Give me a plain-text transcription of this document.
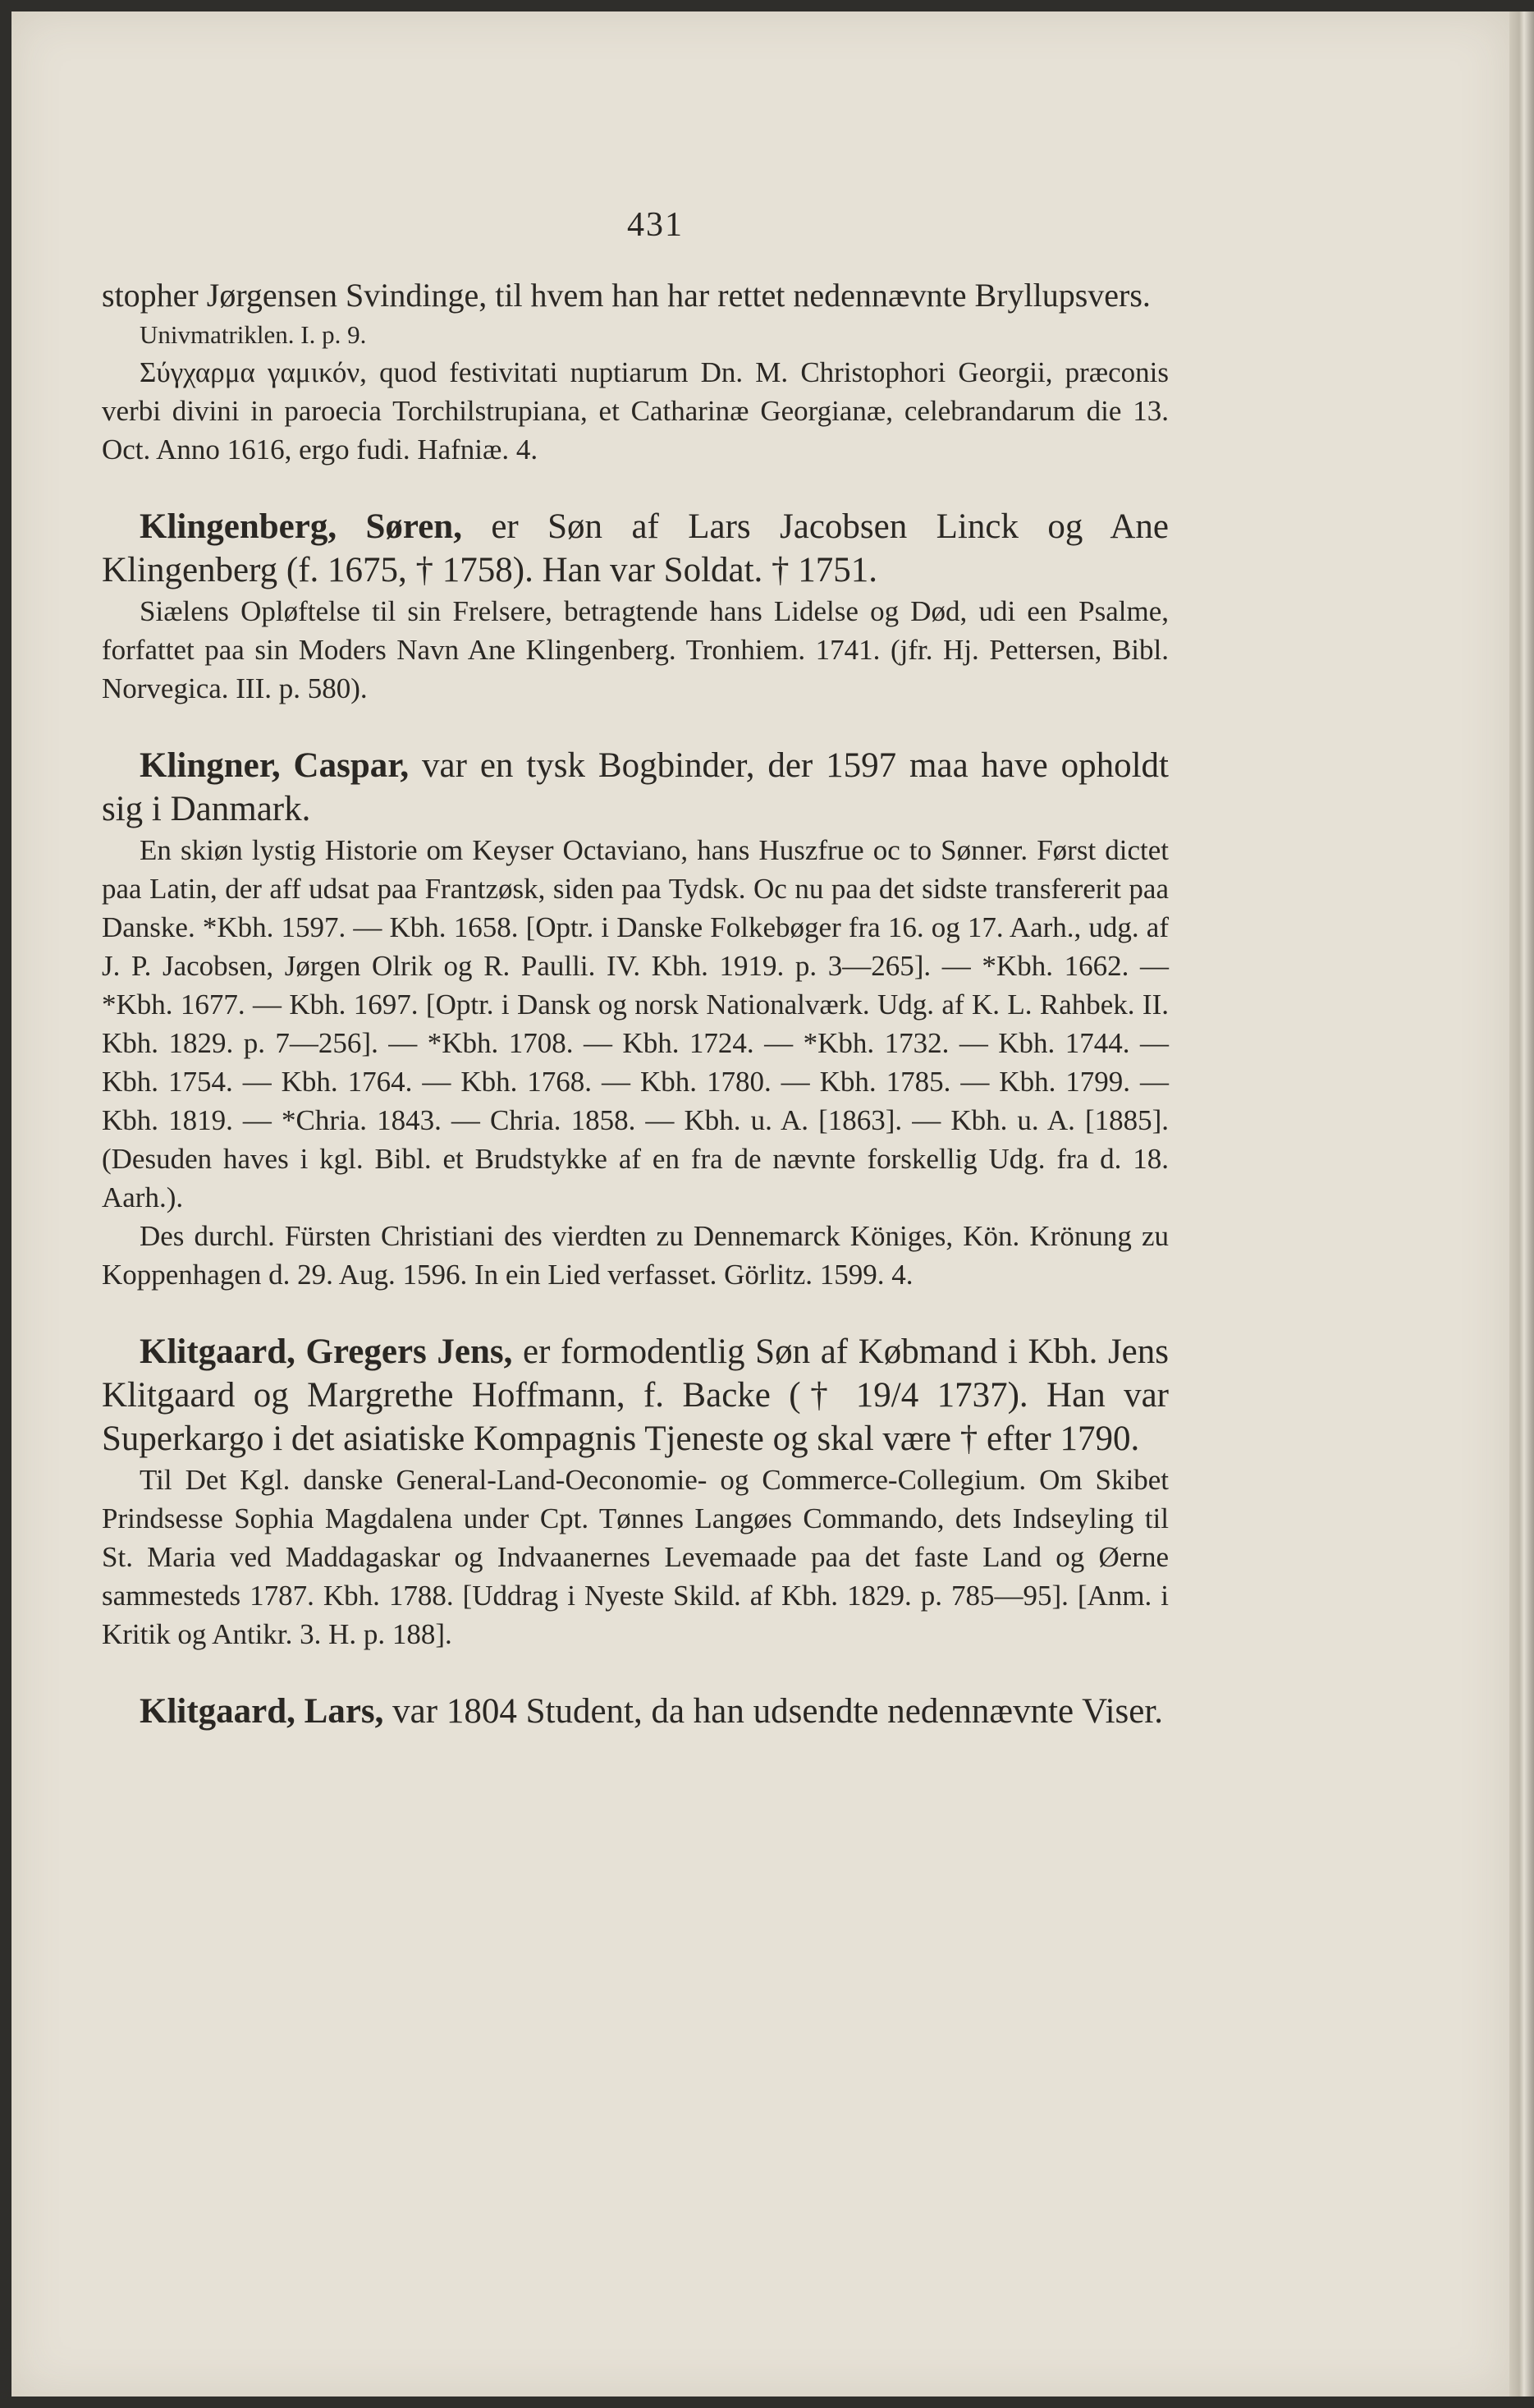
431

stopher Jørgensen Svindinge, til hvem han har rettet nedennævnte Bryllupsvers.

Univmatriklen. I. p. 9.

Σύγχαρμα γαμικόν, quod festivitati nuptiarum Dn. M. Christophori Georgii, præconis verbi divini in paroecia Torchilstrupiana, et Catharinæ Georgianæ, celebrandarum die 13. Oct. Anno 1616, ergo fudi. Hafniæ. 4.

Klingenberg, Søren, er Søn af Lars Jacobsen Linck og Ane Klingenberg (f. 1675, † 1758). Han var Soldat. † 1751.

Siælens Opløftelse til sin Frelsere, betragtende hans Lidelse og Død, udi een Psalme, forfattet paa sin Moders Navn Ane Klingenberg. Tronhiem. 1741. (jfr. Hj. Pettersen, Bibl. Norvegica. III. p. 580).

Klingner, Caspar, var en tysk Bogbinder, der 1597 maa have opholdt sig i Danmark.

En skiøn lystig Historie om Keyser Octaviano, hans Huszfrue oc to Sønner. Først dictet paa Latin, der aff udsat paa Frantzøsk, siden paa Tydsk. Oc nu paa det sidste transfererit paa Danske. *Kbh. 1597. — Kbh. 1658. [Optr. i Danske Folkebøger fra 16. og 17. Aarh., udg. af J. P. Jacobsen, Jørgen Olrik og R. Paulli. IV. Kbh. 1919. p. 3—265]. — *Kbh. 1662. — *Kbh. 1677. — Kbh. 1697. [Optr. i Dansk og norsk Nationalværk. Udg. af K. L. Rahbek. II. Kbh. 1829. p. 7—256]. — *Kbh. 1708. — Kbh. 1724. — *Kbh. 1732. — Kbh. 1744. — Kbh. 1754. — Kbh. 1764. — Kbh. 1768. — Kbh. 1780. — Kbh. 1785. — Kbh. 1799. — Kbh. 1819. — *Chria. 1843. — Chria. 1858. — Kbh. u. A. [1863]. — Kbh. u. A. [1885]. (Desuden haves i kgl. Bibl. et Brudstykke af en fra de nævnte forskellig Udg. fra d. 18. Aarh.).

Des durchl. Fürsten Christiani des vierdten zu Dennemarck Königes, Kön. Krönung zu Koppenhagen d. 29. Aug. 1596. In ein Lied verfasset. Görlitz. 1599. 4.

Klitgaard, Gregers Jens, er formodentlig Søn af Købmand i Kbh. Jens Klitgaard og Margrethe Hoffmann, f. Backe († 19/4 1737). Han var Superkargo i det asiatiske Kompagnis Tjeneste og skal være † efter 1790.

Til Det Kgl. danske General-Land-Oeconomie- og Commerce-Collegium. Om Skibet Prindsesse Sophia Magdalena under Cpt. Tønnes Langøes Commando, dets Indseyling til St. Maria ved Maddagaskar og Indvaanernes Levemaade paa det faste Land og Øerne sammesteds 1787. Kbh. 1788. [Uddrag i Nyeste Skild. af Kbh. 1829. p. 785—95]. [Anm. i Kritik og Antikr. 3. H. p. 188].

Klitgaard, Lars, var 1804 Student, da han udsendte nedennævnte Viser.
